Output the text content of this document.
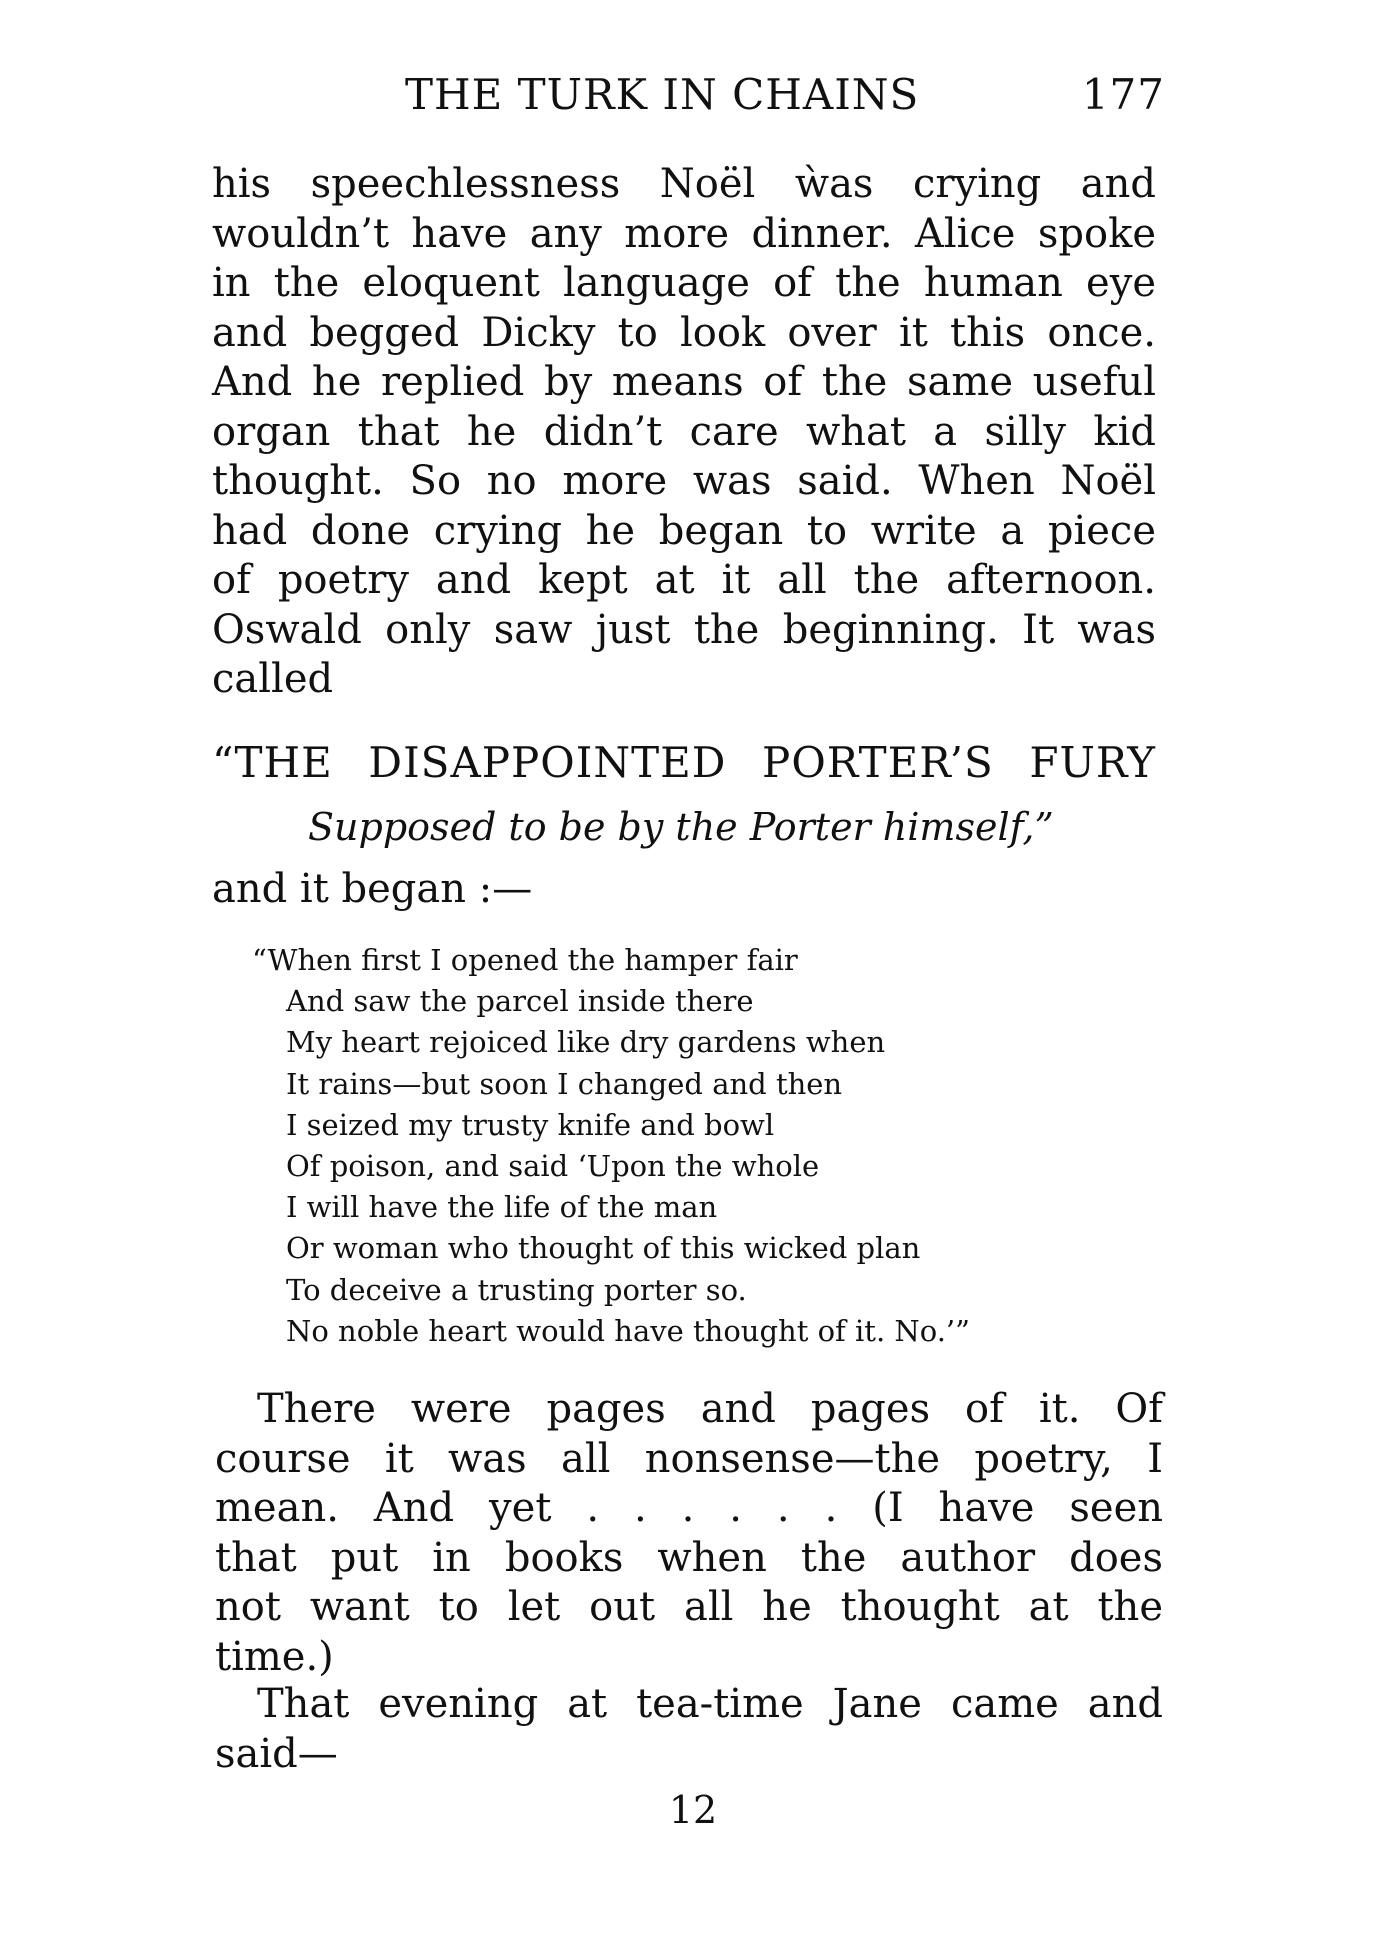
THE TURK IN CHAINS	177
his speechlessness Noël ẁas crying and
wouldn’t have any more dinner. Alice spoke
in the eloquent language of the human eye
and begged Dicky to look over it this once.
And he replied by means of the same useful
organ that he didn’t care what a silly kid
thought. So no more was said. When Noël
had done crying he began to write a piece
of poetry and kept at it all the afternoon.
Oswald only saw just the beginning. It was
called
“THE DISAPPOINTED PORTER’S FURY
Supposed to be by the Porter himself,”
and it began :—
“When first I opened the hamper fair
And saw the parcel inside there
My heart rejoiced like dry gardens when
It rains—but soon I changed and then
I seized my trusty knife and bowl
Of poison, and said ‘Upon the whole
I will have the life of the man
Or woman who thought of this wicked plan
To deceive a trusting porter so.
No noble heart would have thought of it. No.’”
There were pages and pages of it. Of
course it was all nonsense—the poetry, I
mean. And yet . . . . . . (I have seen
that put in books when the author does
not want to let out all he thought at the
time.)
That evening at tea-time Jane came and
said—
12
